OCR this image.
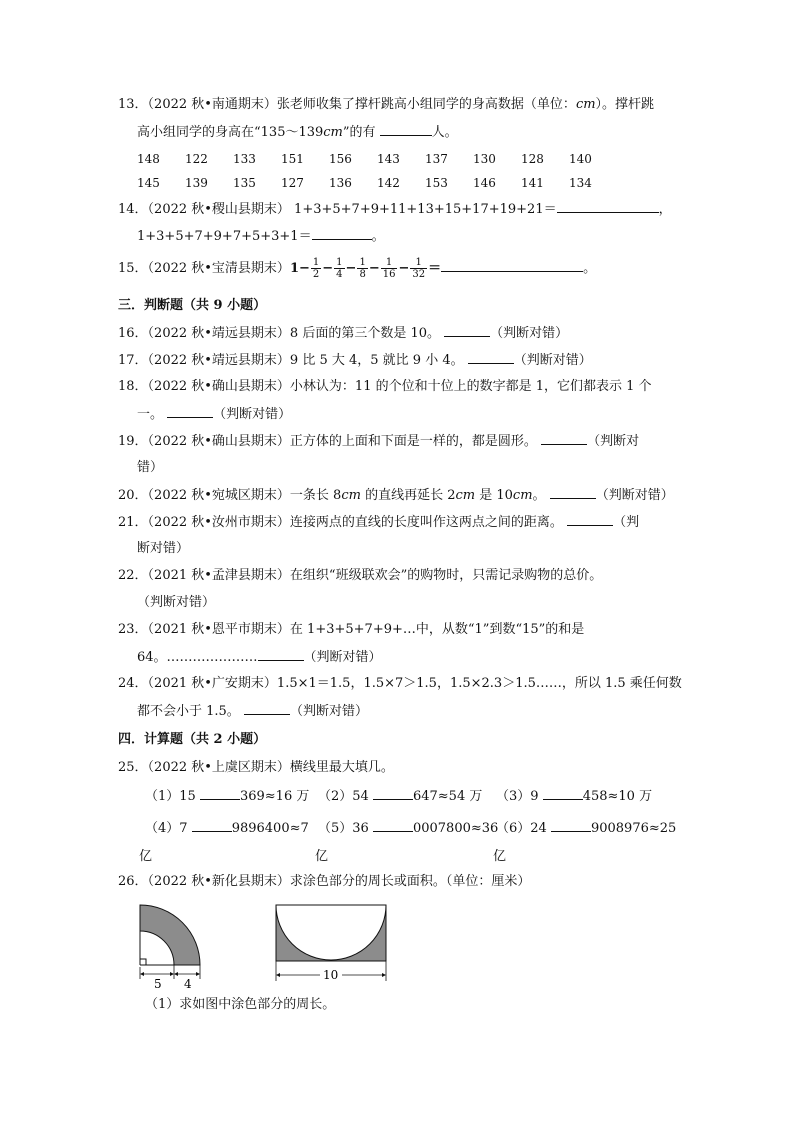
13．（2022 秋•南通期末）张老师收集了撑杆跳高小组同学的身高数据（单位：cm）。撑杆跳
高小组同学的身高在“135～139cm”的有	人。
148 122 133 151 156 143 137 130 128 140
145 139 135 127 136 142 153 146 141 134
14．（2022 秋•稷山县期末） 1+3+5+7+9+11+13+15+17+19+21＝	，
1+3+5+7+9+7+5+3+1＝	。
15．（2022 秋•宝清县期末）$1- \frac{1}{2} - \frac{1}{4} - \frac{1}{8} - \frac{1}{16} - \frac{1}{32}$ ＝	。
三．判断题（共 9 小题）
16．（2022 秋•靖远县期末）8 后面的第三个数是 10。	（判断对错）
17．（2022 秋•靖远县期末）9 比 5 大 4，5 就比 9 小 4。	（判断对错）
18．（2022 秋•确山县期末）小林认为：11 的个位和十位上的数字都是 1，它们都表示 1 个
一。	（判断对错）
19．（2022 秋•确山县期末）正方体的上面和下面是一样的，都是圆形。	（判断对
错）
20．（2022 秋•宛城区期末）一条长 8cm 的直线再延长 2cm 是 10cm。	（判断对错）
21．（2022 秋•汝州市期末）连接两点的直线的长度叫作这两点之间的距离。	（判
断对错）
22．（2021 秋•孟津县期末）在组织“班级联欢会”的购物时，只需记录购物的总价。
（判断对错）
23．（2021 秋•恩平市期末）在 1+3+5+7+9+…中，从数“1”到数“15”的和是
64。…………………	（判断对错）
24．（2021 秋•广安期末）1.5×1＝1.5，1.5×7＞1.5，1.5×2.3＞1.5……，所以 1.5 乘任何数
都不会小于 1.5。	（判断对错）
四．计算题（共 2 小题）
25．（2022 秋•上虞区期末）横线里最大填几。
（1）15	369≈16 万 （2）54	647≈54 万 （3）9	458≈10 万
（4）7	9896400≈7 （5）36	0007800≈36
（6）24	9008976≈25
亿	亿	亿
26．（2022 秋•新化县期末）求涂色部分的周长或面积。（单位：厘米）
5 4
10
（1）求如图中涂色部分的周长。
